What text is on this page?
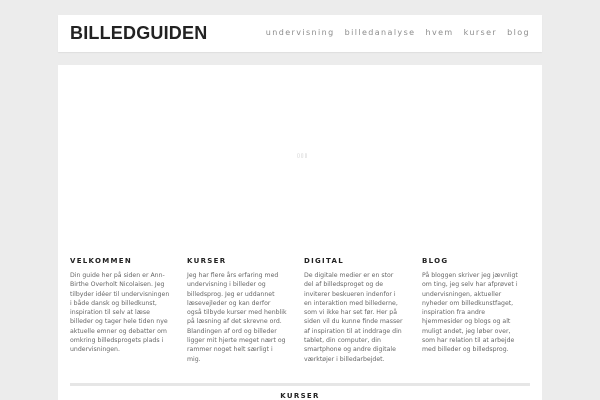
BILLEDGUIDEN	undervisning billedanalyse hvem kurser blog
▯▯▯
VELKOMMEN

Din guide her på siden er Ann-Birthe Overholt Nicolaisen. Jeg tilbyder idéer til undervisningen i både dansk og billedkunst, inspiration til selv at læse billeder og tager hele tiden nye aktuelle emner og debatter om omkring billedsprogets plads i undervisningen.

KURSER

Jeg har flere års erfaring med undervisning i billeder og billedsprog. Jeg er uddannet læsevejleder og kan derfor også tilbyde kurser med henblik på læsning af det skrevne ord. Blandingen af ord og billeder ligger mit hjerte meget nært og rammer noget helt særligt i mig.

DIGITAL

De digitale medier er en stor del af billedsproget og de inviterer beskueren indenfor i en interaktion med billederne, som vi ikke har set før. Her på siden vil du kunne finde masser af inspiration til at inddrage din tablet, din computer, din smartphone og andre digitale værktøjer i billedarbejdet.

BLOG

På bloggen skriver jeg jævnligt om ting, jeg selv har afprøvet i undervisningen, aktueller nyheder om billedkunstfaget, inspiration fra andre hjemmesider og blogs og alt muligt andet, jeg løber over, som har relation til at arbejde med billeder og billedsprog.

KURSER
